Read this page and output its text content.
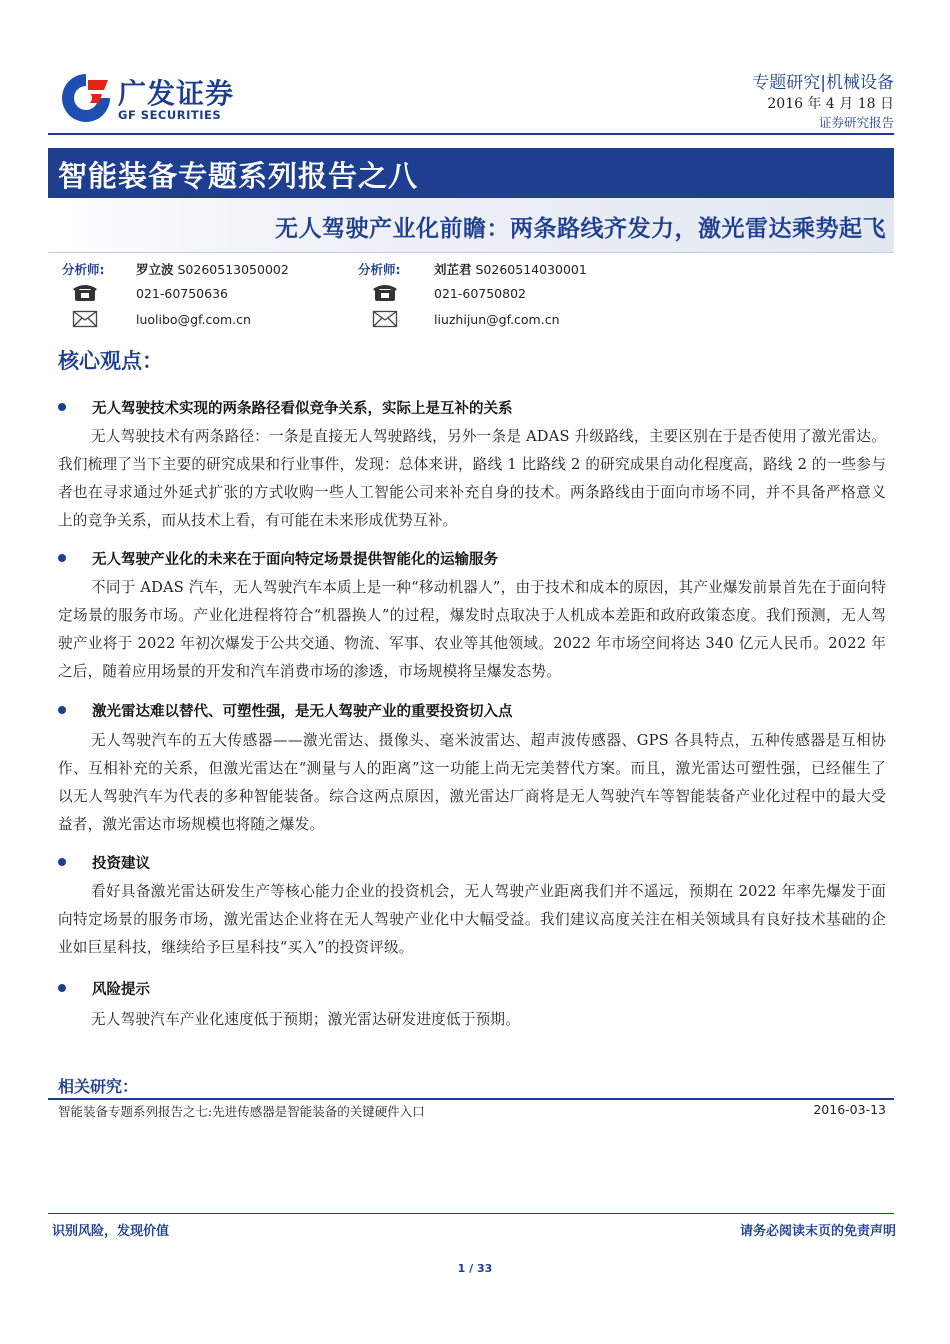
广发证券
GF SECURITIES
专题研究|机械设备
2016 年 4 月 18 日
证券研究报告
智能装备专题系列报告之八
无人驾驶产业化前瞻：两条路线齐发力，激光雷达乘势起飞
分析师:	罗立波 S0260513050002
021-60750636
luolibo@gf.com.cn
分析师:	刘芷君 S0260514030001
021-60750802
liuzhijun@gf.com.cn
核心观点：
无人驾驶技术实现的两条路径看似竞争关系，实际上是互补的关系
无人驾驶技术有两条路径：一条是直接无人驾驶路线，另外一条是 ADAS 升级路线，主要区别在于是否使用了激光雷达。我们梳理了当下主要的研究成果和行业事件，发现：总体来讲，路线 1 比路线 2 的研究成果自动化程度高，路线 2 的一些参与者也在寻求通过外延式扩张的方式收购一些人工智能公司来补充自身的技术。两条路线由于面向市场不同，并不具备严格意义上的竞争关系，而从技术上看，有可能在未来形成优势互补。
无人驾驶产业化的未来在于面向特定场景提供智能化的运输服务
不同于 ADAS 汽车，无人驾驶汽车本质上是一种“移动机器人”，由于技术和成本的原因，其产业爆发前景首先在于面向特定场景的服务市场。产业化进程将符合“机器换人”的过程，爆发时点取决于人机成本差距和政府政策态度。我们预测，无人驾驶产业将于 2022 年初次爆发于公共交通、物流、军事、农业等其他领域。2022 年市场空间将达 340 亿元人民币。2022 年之后，随着应用场景的开发和汽车消费市场的渗透，市场规模将呈爆发态势。
激光雷达难以替代、可塑性强，是无人驾驶产业的重要投资切入点
无人驾驶汽车的五大传感器——激光雷达、摄像头、毫米波雷达、超声波传感器、GPS 各具特点，五种传感器是互相协作、互相补充的关系，但激光雷达在“测量与人的距离”这一功能上尚无完美替代方案。而且，激光雷达可塑性强，已经催生了以无人驾驶汽车为代表的多种智能装备。综合这两点原因，激光雷达厂商将是无人驾驶汽车等智能装备产业化过程中的最大受益者，激光雷达市场规模也将随之爆发。
投资建议
看好具备激光雷达研发生产等核心能力企业的投资机会，无人驾驶产业距离我们并不遥远，预期在 2022 年率先爆发于面向特定场景的服务市场，激光雷达企业将在无人驾驶产业化中大幅受益。我们建议高度关注在相关领域具有良好技术基础的企业如巨星科技，继续给予巨星科技“买入”的投资评级。
风险提示
无人驾驶汽车产业化速度低于预期；激光雷达研发进度低于预期。
相关研究：
智能装备专题系列报告之七:先进传感器是智能装备的关键硬件入口	2016-03-13
识别风险，发现价值	请务必阅读末页的免责声明
1 / 33
